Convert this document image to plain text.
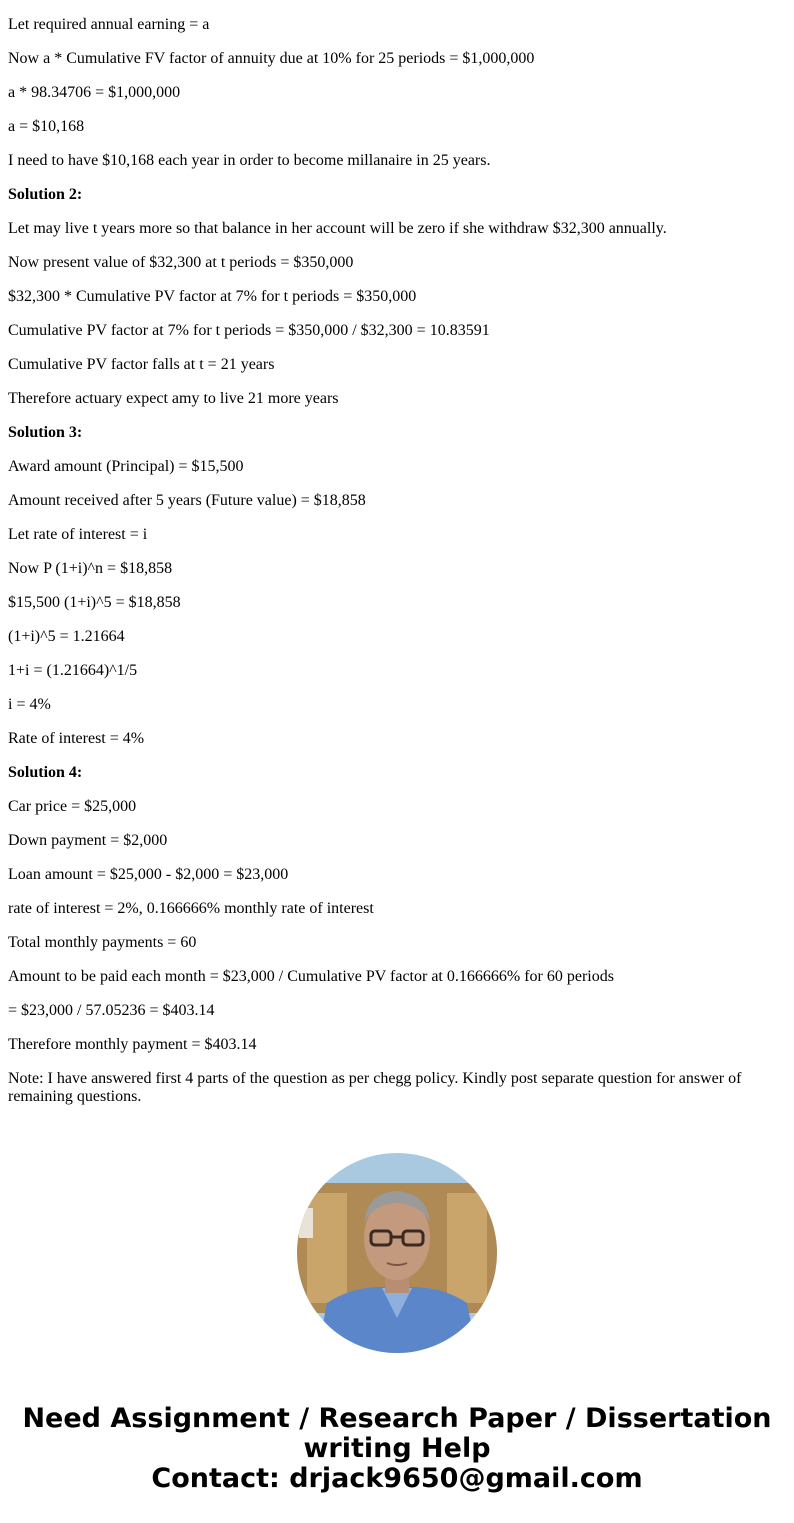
Let required annual earning = a

Now a * Cumulative FV factor of annuity due at 10% for 25 periods = $1,000,000

a * 98.34706 = $1,000,000

a = $10,168

I need to have $10,168 each year in order to become millanaire in 25 years.

Solution 2:

Let may live t years more so that balance in her account will be zero if she withdraw $32,300 annually.

Now present value of $32,300 at t periods = $350,000

$32,300 * Cumulative PV factor at 7% for t periods = $350,000

Cumulative PV factor at 7% for t periods = $350,000 / $32,300 = 10.83591

Cumulative PV factor falls at t = 21 years

Therefore actuary expect amy to live 21 more years

Solution 3:

Award amount (Principal) = $15,500

Amount received after 5 years (Future value) = $18,858

Let rate of interest = i

Now P (1+i)^n = $18,858

$15,500 (1+i)^5 = $18,858

(1+i)^5 = 1.21664

1+i = (1.21664)^1/5

i = 4%

Rate of interest = 4%

Solution 4:

Car price = $25,000

Down payment = $2,000

Loan amount = $25,000 - $2,000 = $23,000

rate of interest = 2%, 0.166666% monthly rate of interest

Total monthly payments = 60

Amount to be paid each month = $23,000 / Cumulative PV factor at 0.166666% for 60 periods

= $23,000 / 57.05236 = $403.14

Therefore monthly payment = $403.14

Note: I have answered first 4 parts of the question as per chegg policy. Kindly post separate question for answer of remaining questions.

Need Assignment / Research Paper / Dissertation
writing Help
Contact: drjack9650@gmail.com
